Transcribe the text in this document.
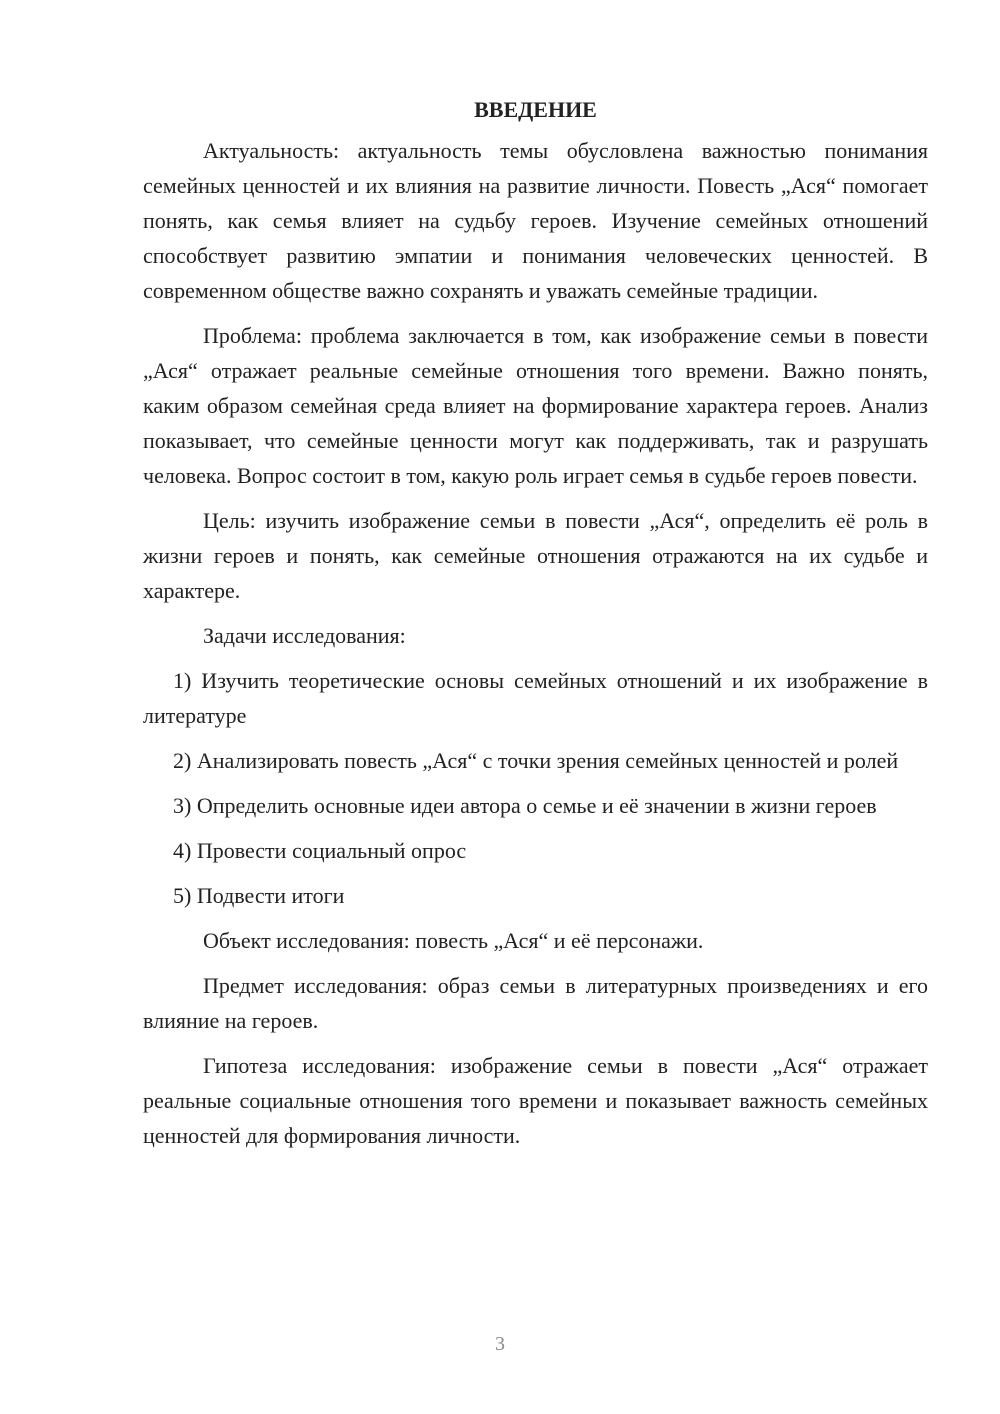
ВВЕДЕНИЕ

Актуальность: актуальность темы обусловлена важностью понимания семейных ценностей и их влияния на развитие личности. Повесть „Ася“ помогает понять, как семья влияет на судьбу героев. Изучение семейных отношений способствует развитию эмпатии и понимания человеческих ценностей. В современном обществе важно сохранять и уважать семейные традиции.

Проблема: проблема заключается в том, как изображение семьи в повести „Ася“ отражает реальные семейные отношения того времени. Важно понять, каким образом семейная среда влияет на формирование характера героев. Анализ показывает, что семейные ценности могут как поддерживать, так и разрушать человека. Вопрос состоит в том, какую роль играет семья в судьбе героев повести.

Цель: изучить изображение семьи в повести „Ася“, определить её роль в жизни героев и понять, как семейные отношения отражаются на их судьбе и характере.

Задачи исследования:

1) Изучить теоретические основы семейных отношений и их изображение в литературе

2) Анализировать повесть „Ася“ с точки зрения семейных ценностей и ролей

3) Определить основные идеи автора о семье и её значении в жизни героев

4) Провести социальный опрос

5) Подвести итоги

Объект исследования: повесть „Ася“ и её персонажи.

Предмет исследования: образ семьи в литературных произведениях и его влияние на героев.

Гипотеза исследования: изображение семьи в повести „Ася“ отражает реальные социальные отношения того времени и показывает важность семейных ценностей для формирования личности.

3
